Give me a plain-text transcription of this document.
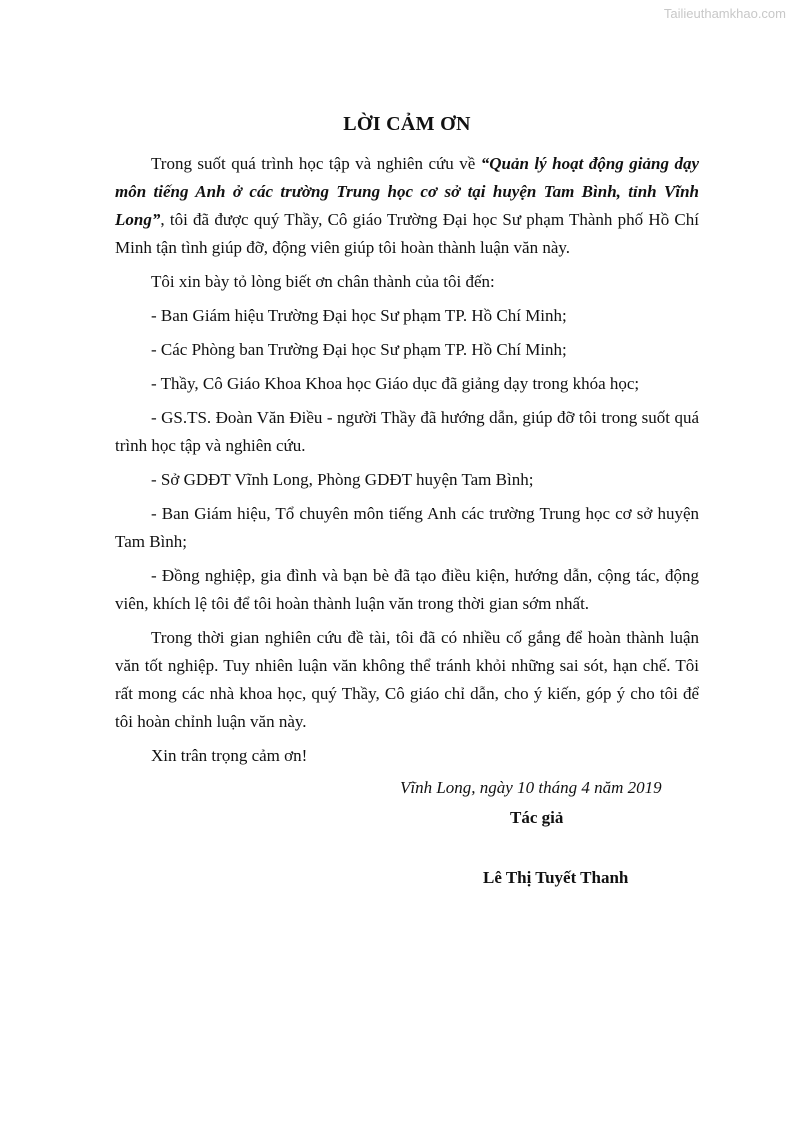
Tailieuthamkhao.com
LỜI CẢM ƠN

Trong suốt quá trình học tập và nghiên cứu về “Quản lý hoạt động giảng dạy môn tiếng Anh ở các trường Trung học cơ sở tại huyện Tam Bình, tỉnh Vĩnh Long”, tôi đã được quý Thầy, Cô giáo Trường Đại học Sư phạm Thành phố Hồ Chí Minh tận tình giúp đỡ, động viên giúp tôi hoàn thành luận văn này.

Tôi xin bày tỏ lòng biết ơn chân thành của tôi đến:

- Ban Giám hiệu Trường Đại học Sư phạm TP. Hồ Chí Minh;

- Các Phòng ban Trường Đại học Sư phạm TP. Hồ Chí Minh;

- Thầy, Cô Giáo Khoa Khoa học Giáo dục đã giảng dạy trong khóa học;

- GS.TS. Đoàn Văn Điều - người Thầy đã hướng dẫn, giúp đỡ tôi trong suốt quá trình học tập và nghiên cứu.

- Sở GDĐT Vĩnh Long, Phòng GDĐT huyện Tam Bình;

- Ban Giám hiệu, Tổ chuyên môn tiếng Anh các trường Trung học cơ sở huyện Tam Bình;

- Đồng nghiệp, gia đình và bạn bè đã tạo điều kiện, hướng dẫn, cộng tác, động viên, khích lệ tôi để tôi hoàn thành luận văn trong thời gian sớm nhất.

Trong thời gian nghiên cứu đề tài, tôi đã có nhiều cố gắng để hoàn thành luận văn tốt nghiệp. Tuy nhiên luận văn không thể tránh khỏi những sai sót, hạn chế. Tôi rất mong các nhà khoa học, quý Thầy, Cô giáo chỉ dẫn, cho ý kiến, góp ý cho tôi để tôi hoàn chỉnh luận văn này.

Xin trân trọng cảm ơn!

Vĩnh Long, ngày 10 tháng 4 năm 2019
Tác giả
Lê Thị Tuyết Thanh
